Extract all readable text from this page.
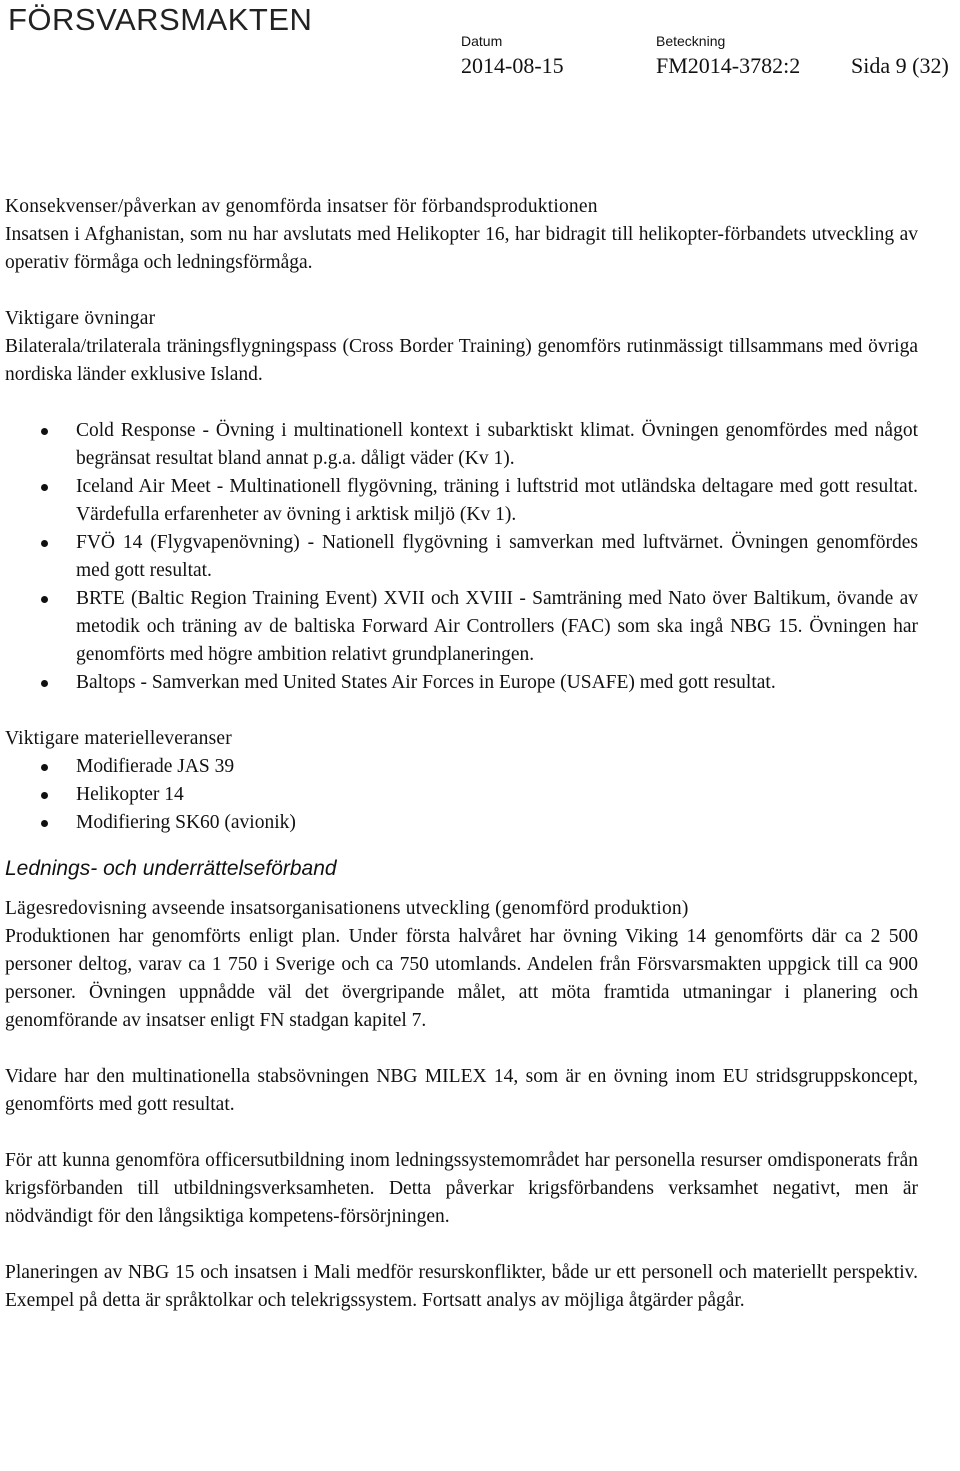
FÖRSVARSMAKTEN
Datum
2014-08-15
Beteckning
FM2014-3782:2 Sida 9 (32)

Konsekvenser/påverkan av genomförda insatser för förbandsproduktionen

Insatsen i Afghanistan, som nu har avslutats med Helikopter 16, har bidragit till helikopter-förbandets utveckling av operativ förmåga och ledningsförmåga.

Viktigare övningar

Bilaterala/trilaterala träningsflygningspass (Cross Border Training) genomförs rutinmässigt tillsammans med övriga nordiska länder exklusive Island.

Cold Response - Övning i multinationell kontext i subarktiskt klimat. Övningen genomfördes med något begränsat resultat bland annat p.g.a. dåligt väder (Kv 1).
Iceland Air Meet - Multinationell flygövning, träning i luftstrid mot utländska deltagare med gott resultat. Värdefulla erfarenheter av övning i arktisk miljö (Kv 1).
FVÖ 14 (Flygvapenövning) - Nationell flygövning i samverkan med luftvärnet. Övningen genomfördes med gott resultat.
BRTE (Baltic Region Training Event) XVII och XVIII - Samträning med Nato över Baltikum, övande av metodik och träning av de baltiska Forward Air Controllers (FAC) som ska ingå NBG 15. Övningen har genomförts med högre ambition relativt grundplaneringen.
Baltops - Samverkan med United States Air Forces in Europe (USAFE) med gott resultat.

Viktigare materielleveranser

Modifierade JAS 39
Helikopter 14
Modifiering SK60 (avionik)
Lednings- och underrättelseförband

Lägesredovisning avseende insatsorganisationens utveckling (genomförd produktion)

Produktionen har genomförts enligt plan. Under första halvåret har övning Viking 14 genomförts där ca 2 500 personer deltog, varav ca 1 750 i Sverige och ca 750 utomlands. Andelen från Försvarsmakten uppgick till ca 900 personer. Övningen uppnådde väl det övergripande målet, att möta framtida utmaningar i planering och genomförande av insatser enligt FN stadgan kapitel 7.

Vidare har den multinationella stabsövningen NBG MILEX 14, som är en övning inom EU stridsgruppskoncept, genomförts med gott resultat.

För att kunna genomföra officersutbildning inom ledningssystemområdet har personella resurser omdisponerats från krigsförbanden till utbildningsverksamheten. Detta påverkar krigsförbandens verksamhet negativt, men är nödvändigt för den långsiktiga kompetens-försörjningen.

Planeringen av NBG 15 och insatsen i Mali medför resurskonflikter, både ur ett personell och materiellt perspektiv. Exempel på detta är språktolkar och telekrigssystem. Fortsatt analys av möjliga åtgärder pågår.
